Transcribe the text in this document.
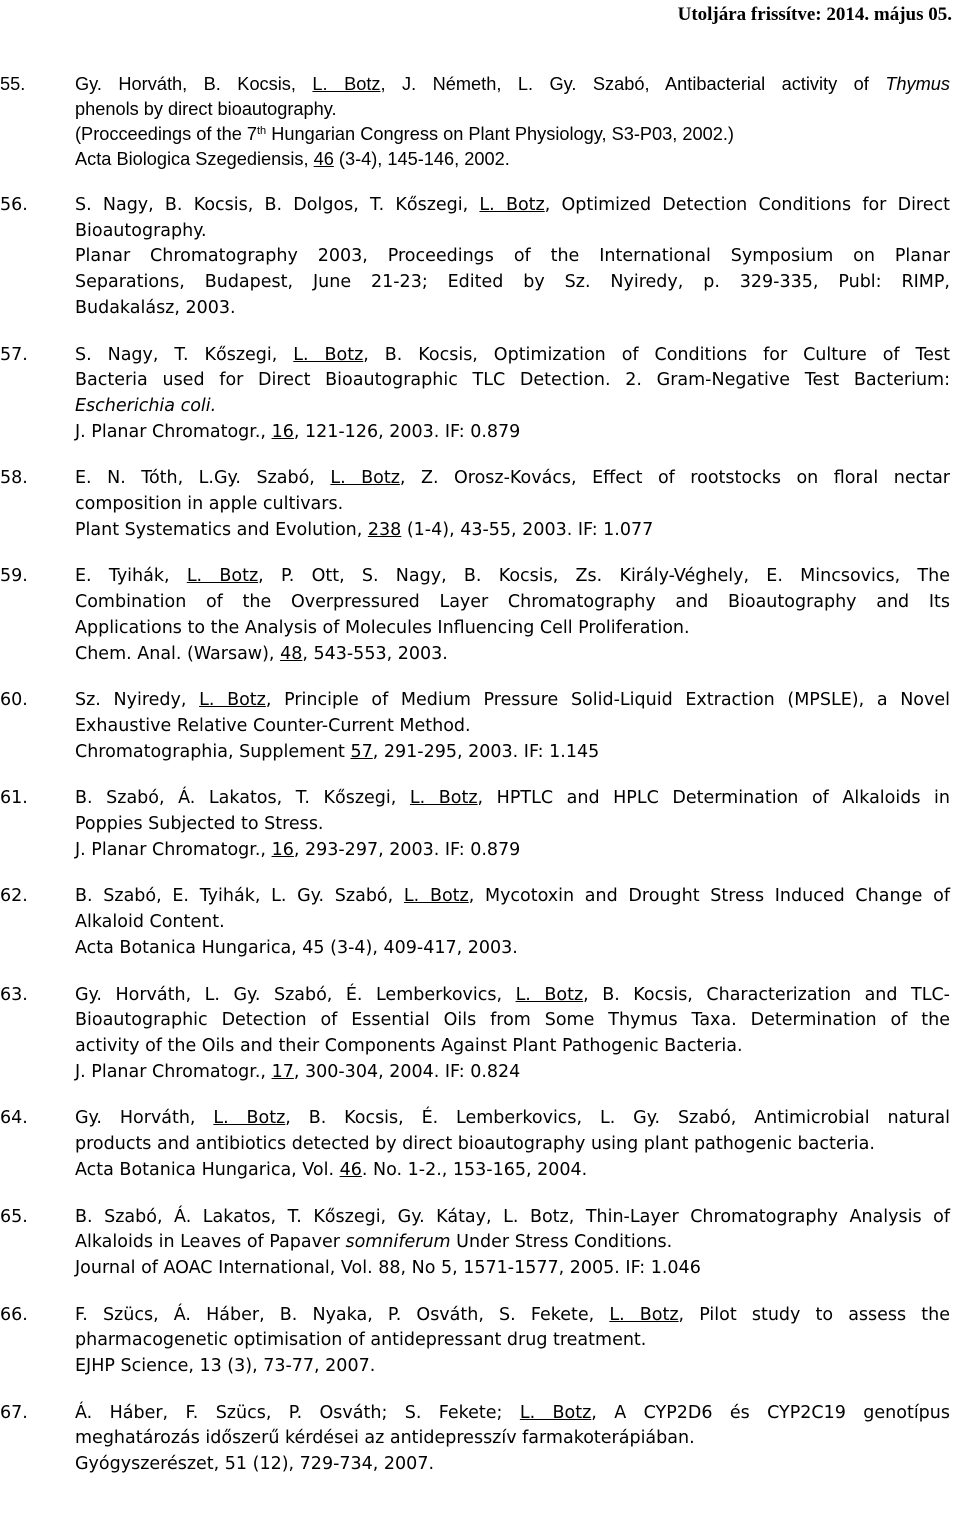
Utoljára frissítve: 2014. május 05.
55.	Gy. Horváth, B. Kocsis, L. Botz, J. Németh, L. Gy. Szabó, Antibacterial activity of Thymus
phenols by direct bioautography.
(Procceedings of the 7th Hungarian Congress on Plant Physiology, S3-P03, 2002.)
Acta Biologica Szegediensis, 46 (3-4), 145-146, 2002.
56.	S. Nagy, B. Kocsis, B. Dolgos, T. Kőszegi, L. Botz, Optimized Detection Conditions for Direct
Bioautography.
Planar Chromatography 2003, Proceedings of the International Symposium on Planar
Separations, Budapest, June 21-23; Edited by Sz. Nyiredy, p. 329-335, Publ: RIMP,
Budakalász, 2003.
57.	S. Nagy, T. Kőszegi, L. Botz, B. Kocsis, Optimization of Conditions for Culture of Test
Bacteria used for Direct Bioautographic TLC Detection. 2. Gram-Negative Test Bacterium:
Escherichia coli.
J. Planar Chromatogr., 16, 121-126, 2003. IF: 0.879
58.	E. N. Tóth, L.Gy. Szabó, L. Botz, Z. Orosz-Kovács, Effect of rootstocks on floral nectar
composition in apple cultivars.
Plant Systematics and Evolution, 238 (1-4), 43-55, 2003. IF: 1.077
59.	E. Tyihák, L. Botz, P. Ott, S. Nagy, B. Kocsis, Zs. Király-Véghely, E. Mincsovics, The
Combination of the Overpressured Layer Chromatography and Bioautography and Its
Applications to the Analysis of Molecules Influencing Cell Proliferation.
Chem. Anal. (Warsaw), 48, 543-553, 2003.
60.	Sz. Nyiredy, L. Botz, Principle of Medium Pressure Solid-Liquid Extraction (MPSLE), a Novel
Exhaustive Relative Counter-Current Method.
Chromatographia, Supplement 57, 291-295, 2003. IF: 1.145
61.	B. Szabó, Á. Lakatos, T. Kőszegi, L. Botz, HPTLC and HPLC Determination of Alkaloids in
Poppies Subjected to Stress.
J. Planar Chromatogr., 16, 293-297, 2003. IF: 0.879
62.	B. Szabó, E. Tyihák, L. Gy. Szabó, L. Botz, Mycotoxin and Drought Stress Induced Change of
Alkaloid Content.
Acta Botanica Hungarica, 45 (3-4), 409-417, 2003.
63.	Gy. Horváth, L. Gy. Szabó, É. Lemberkovics, L. Botz, B. Kocsis, Characterization and TLC-
Bioautographic Detection of Essential Oils from Some Thymus Taxa. Determination of the
activity of the Oils and their Components Against Plant Pathogenic Bacteria.
J. Planar Chromatogr., 17, 300-304, 2004. IF: 0.824
64.	Gy. Horváth, L. Botz, B. Kocsis, É. Lemberkovics, L. Gy. Szabó, Antimicrobial natural
products and antibiotics detected by direct bioautography using plant pathogenic bacteria.
Acta Botanica Hungarica, Vol. 46. No. 1-2., 153-165, 2004.
65.	B. Szabó, Á. Lakatos, T. Kőszegi, Gy. Kátay, L. Botz, Thin-Layer Chromatography Analysis of
Alkaloids in Leaves of Papaver somniferum Under Stress Conditions.
Journal of AOAC International, Vol. 88, No 5, 1571-1577, 2005. IF: 1.046
66.	F. Szücs, Á. Háber, B. Nyaka, P. Osváth, S. Fekete, L. Botz, Pilot study to assess the
pharmacogenetic optimisation of antidepressant drug treatment.
EJHP Science, 13 (3), 73-77, 2007.
67.	Á. Háber, F. Szücs, P. Osváth; S. Fekete; L. Botz, A CYP2D6 és CYP2C19 genotípus
meghatározás időszerű kérdései az antidepresszív farmakoterápiában.
Gyógyszerészet, 51 (12), 729-734, 2007.
